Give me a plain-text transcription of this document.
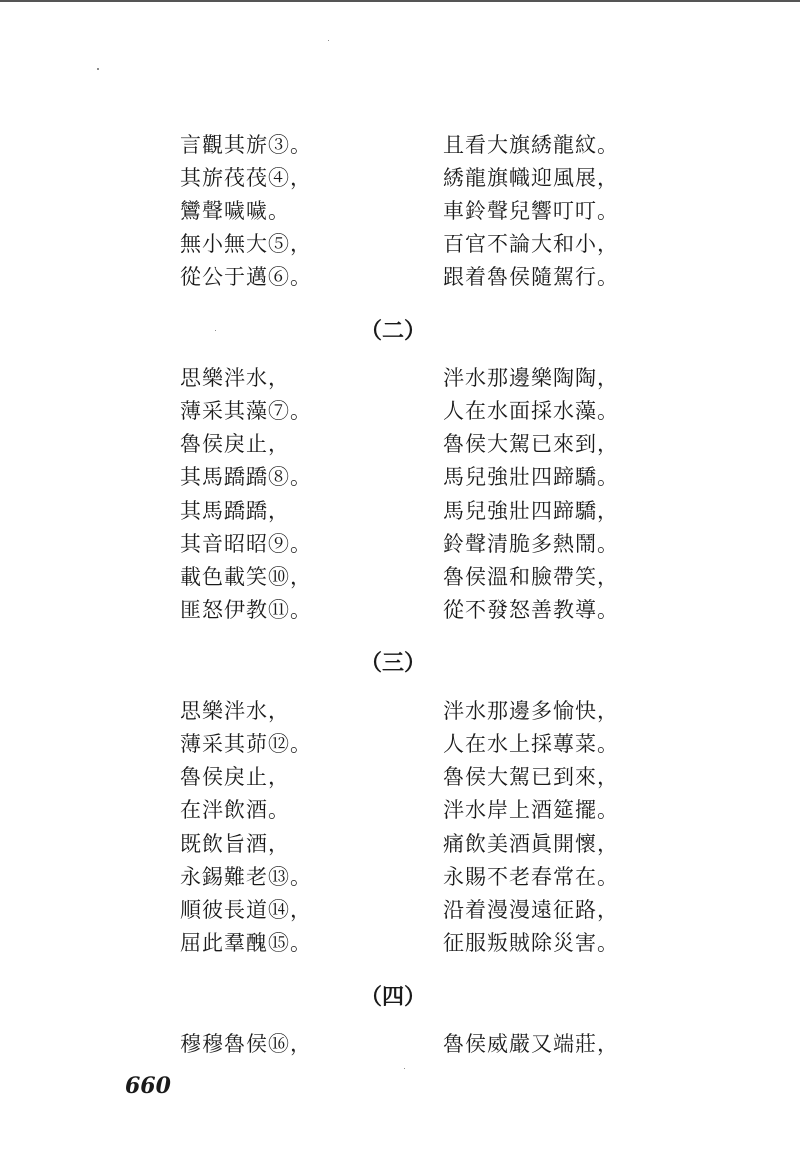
言觀其旂③。
其旂茷茷④，
鸞聲噦噦。
無小無大⑤，
從公于邁⑥。
且看大旗綉龍紋。
綉龍旗幟迎風展，
車鈴聲兒響叮叮。
百官不論大和小，
跟着魯侯隨駕行。
（二）
思樂泮水，
薄采其藻⑦。
魯侯戾止，
其馬蹻蹻⑧。
其馬蹻蹻，
其音昭昭⑨。
載色載笑⑩，
匪怒伊教⑪。
泮水那邊樂陶陶，
人在水面採水藻。
魯侯大駕已來到，
馬兒強壯四蹄驕。
馬兒強壯四蹄驕，
鈴聲清脆多熱鬧。
魯侯溫和臉帶笑，
從不發怒善教導。
（三）
思樂泮水，
薄采其茆⑫。
魯侯戾止，
在泮飲酒。
既飲旨酒，
永錫難老⑬。
順彼長道⑭，
屈此羣醜⑮。
泮水那邊多愉快，
人在水上採蓴菜。
魯侯大駕已到來，
泮水岸上酒筵擺。
痛飲美酒眞開懷，
永賜不老春常在。
沿着漫漫遠征路，
征服叛賊除災害。
（四）
穆穆魯侯⑯，	魯侯威嚴又端莊，
660
